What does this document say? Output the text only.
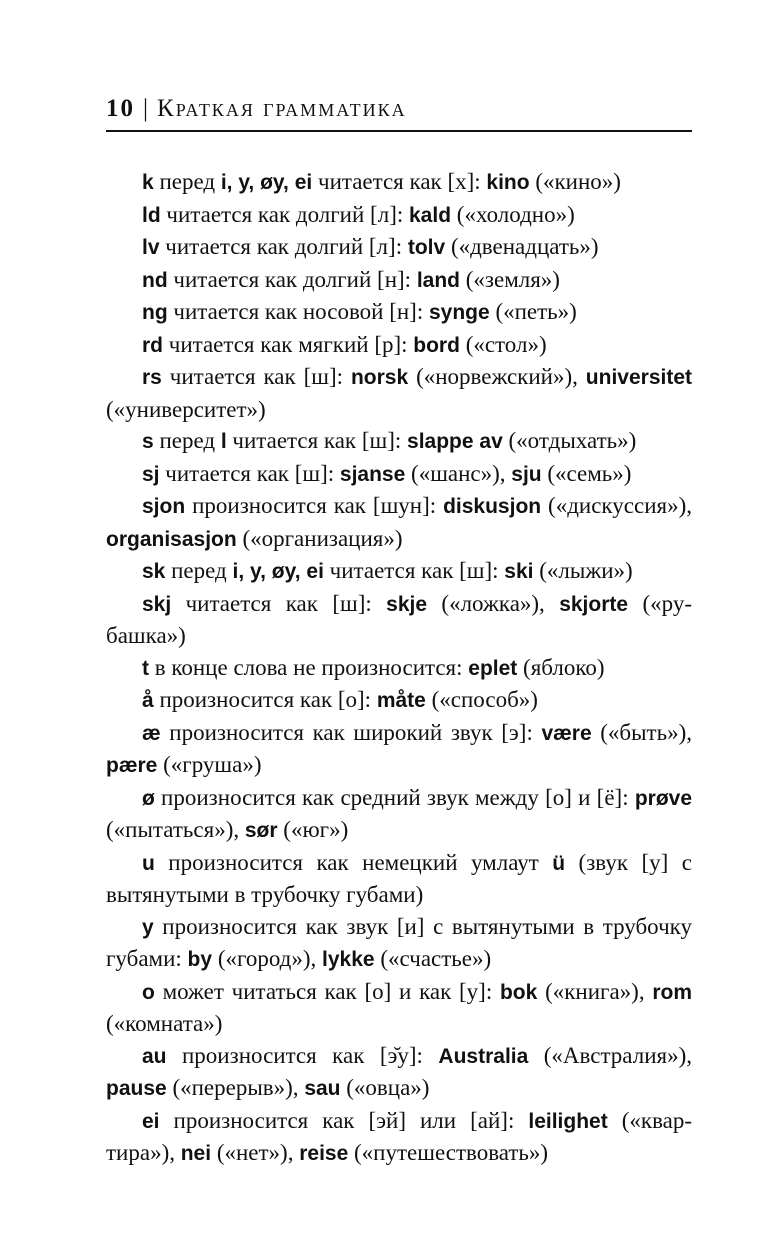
10 | Краткая грамматика

k перед i, y, øy, ei читается как [х]: kino («кино»)

ld читается как долгий [л]: kald («холодно»)

lv читается как долгий [л]: tolv («двенадцать»)

nd читается как долгий [н]: land («земля»)

ng читается как носовой [н]: synge («петь»)

rd читается как мягкий [р]: bord («стол»)

rs читается как [ш]: norsk («норвежский»), universitet («университет»)

s перед l читается как [ш]: slappe av («отдыхать»)

sj читается как [ш]: sjanse («шанс»), sju («семь»)

sjon произносится как [шун]: diskusjon («дискуссия»), organisasjon («организация»)

sk перед i, y, øy, ei читается как [ш]: ski («лыжи»)

skj читается как [ш]: skje («ложка»), skjorte («рубашка»)

t в конце слова не произносится: eplet (яблоко)

å произносится как [о]: måte («способ»)

æ произносится как широкий звук [э]: være («быть»), pære («груша»)

ø произносится как средний звук между [о] и [ё]: prøve («пытаться»), sør («юг»)

u произносится как немецкий умлаут ü (звук [у] с вытянутыми в трубочку губами)

y произносится как звук [и] с вытянутыми в трубочку губами: by («город»), lykke («счастье»)

o может читаться как [о] и как [у]: bok («книга»), rom («комната»)

au произносится как [э̆у]: Australia («Австралия»), pause («перерыв»), sau («овца»)

ei произносится как [эй] или [ай]: leilighet («квартира»), nei («нет»), reise («путешествовать»)
